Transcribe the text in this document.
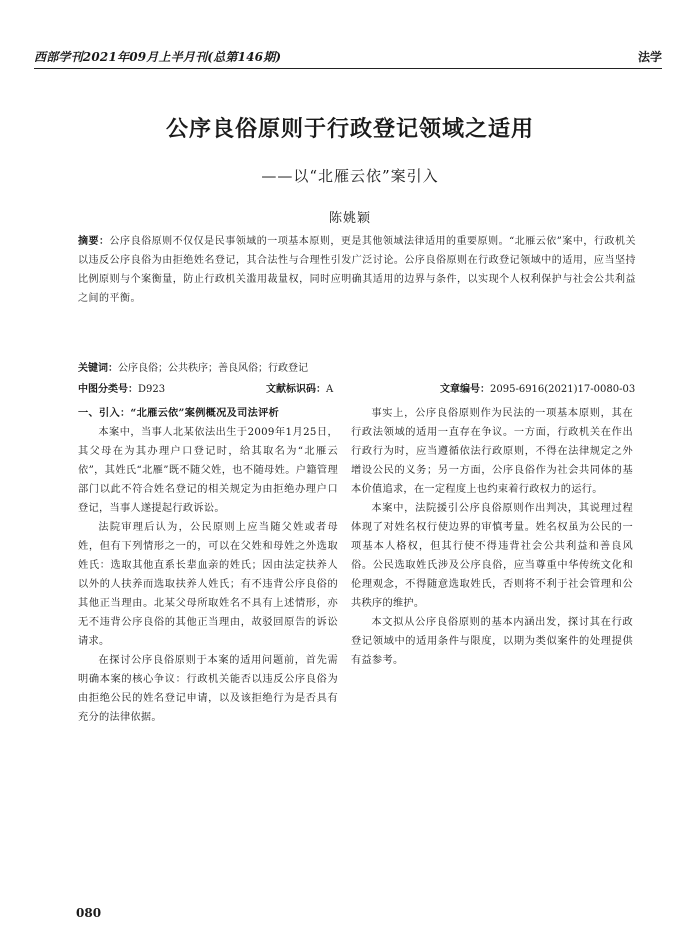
西部学刊2021年09月上半月刊(总第146期)	法学
公序良俗原则于行政登记领域之适用
——以“北雁云依”案引入
陈姚颖
摘要：公序良俗原则不仅仅是民事领域的一项基本原则，更是其他领域法律适用的重要原则。“北雁云依”案中，行政机关以违反公序良俗为由拒绝姓名登记，其合法性与合理性引发广泛讨论。公序良俗原则在行政登记领域中的适用，应当坚持比例原则与个案衡量，防止行政机关滥用裁量权，同时应明确其适用的边界与条件，以实现个人权利保护与社会公共利益之间的平衡。
关键词：公序良俗；公共秩序；善良风俗；行政登记
中图分类号：D923	文献标识码：A	文章编号：2095-6916(2021)17-0080-03

一、引入：“北雁云依”案例概况及司法评析

本案中，当事人北某依法出生于2009年1月25日，其父母在为其办理户口登记时，给其取名为“北雁云依”，其姓氏“北雁”既不随父姓，也不随母姓。户籍管理部门以此不符合姓名登记的相关规定为由拒绝办理户口登记，当事人遂提起行政诉讼。

法院审理后认为，公民原则上应当随父姓或者母姓，但有下列情形之一的，可以在父姓和母姓之外选取姓氏：选取其他直系长辈血亲的姓氏；因由法定扶养人以外的人扶养而选取扶养人姓氏；有不违背公序良俗的其他正当理由。北某父母所取姓名不具有上述情形，亦无不违背公序良俗的其他正当理由，故驳回原告的诉讼请求。

在探讨公序良俗原则于本案的适用问题前，首先需明确本案的核心争议：行政机关能否以违反公序良俗为由拒绝公民的姓名登记申请，以及该拒绝行为是否具有充分的法律依据。

事实上，公序良俗原则作为民法的一项基本原则，其在行政法领域的适用一直存在争议。一方面，行政机关在作出行政行为时，应当遵循依法行政原则，不得在法律规定之外增设公民的义务；另一方面，公序良俗作为社会共同体的基本价值追求，在一定程度上也约束着行政权力的运行。

本案中，法院援引公序良俗原则作出判决，其说理过程体现了对姓名权行使边界的审慎考量。姓名权虽为公民的一项基本人格权，但其行使不得违背社会公共利益和善良风俗。公民选取姓氏涉及公序良俗，应当尊重中华传统文化和伦理观念，不得随意选取姓氏，否则将不利于社会管理和公共秩序的维护。

本文拟从公序良俗原则的基本内涵出发，探讨其在行政登记领域中的适用条件与限度，以期为类似案件的处理提供有益参考。

080
